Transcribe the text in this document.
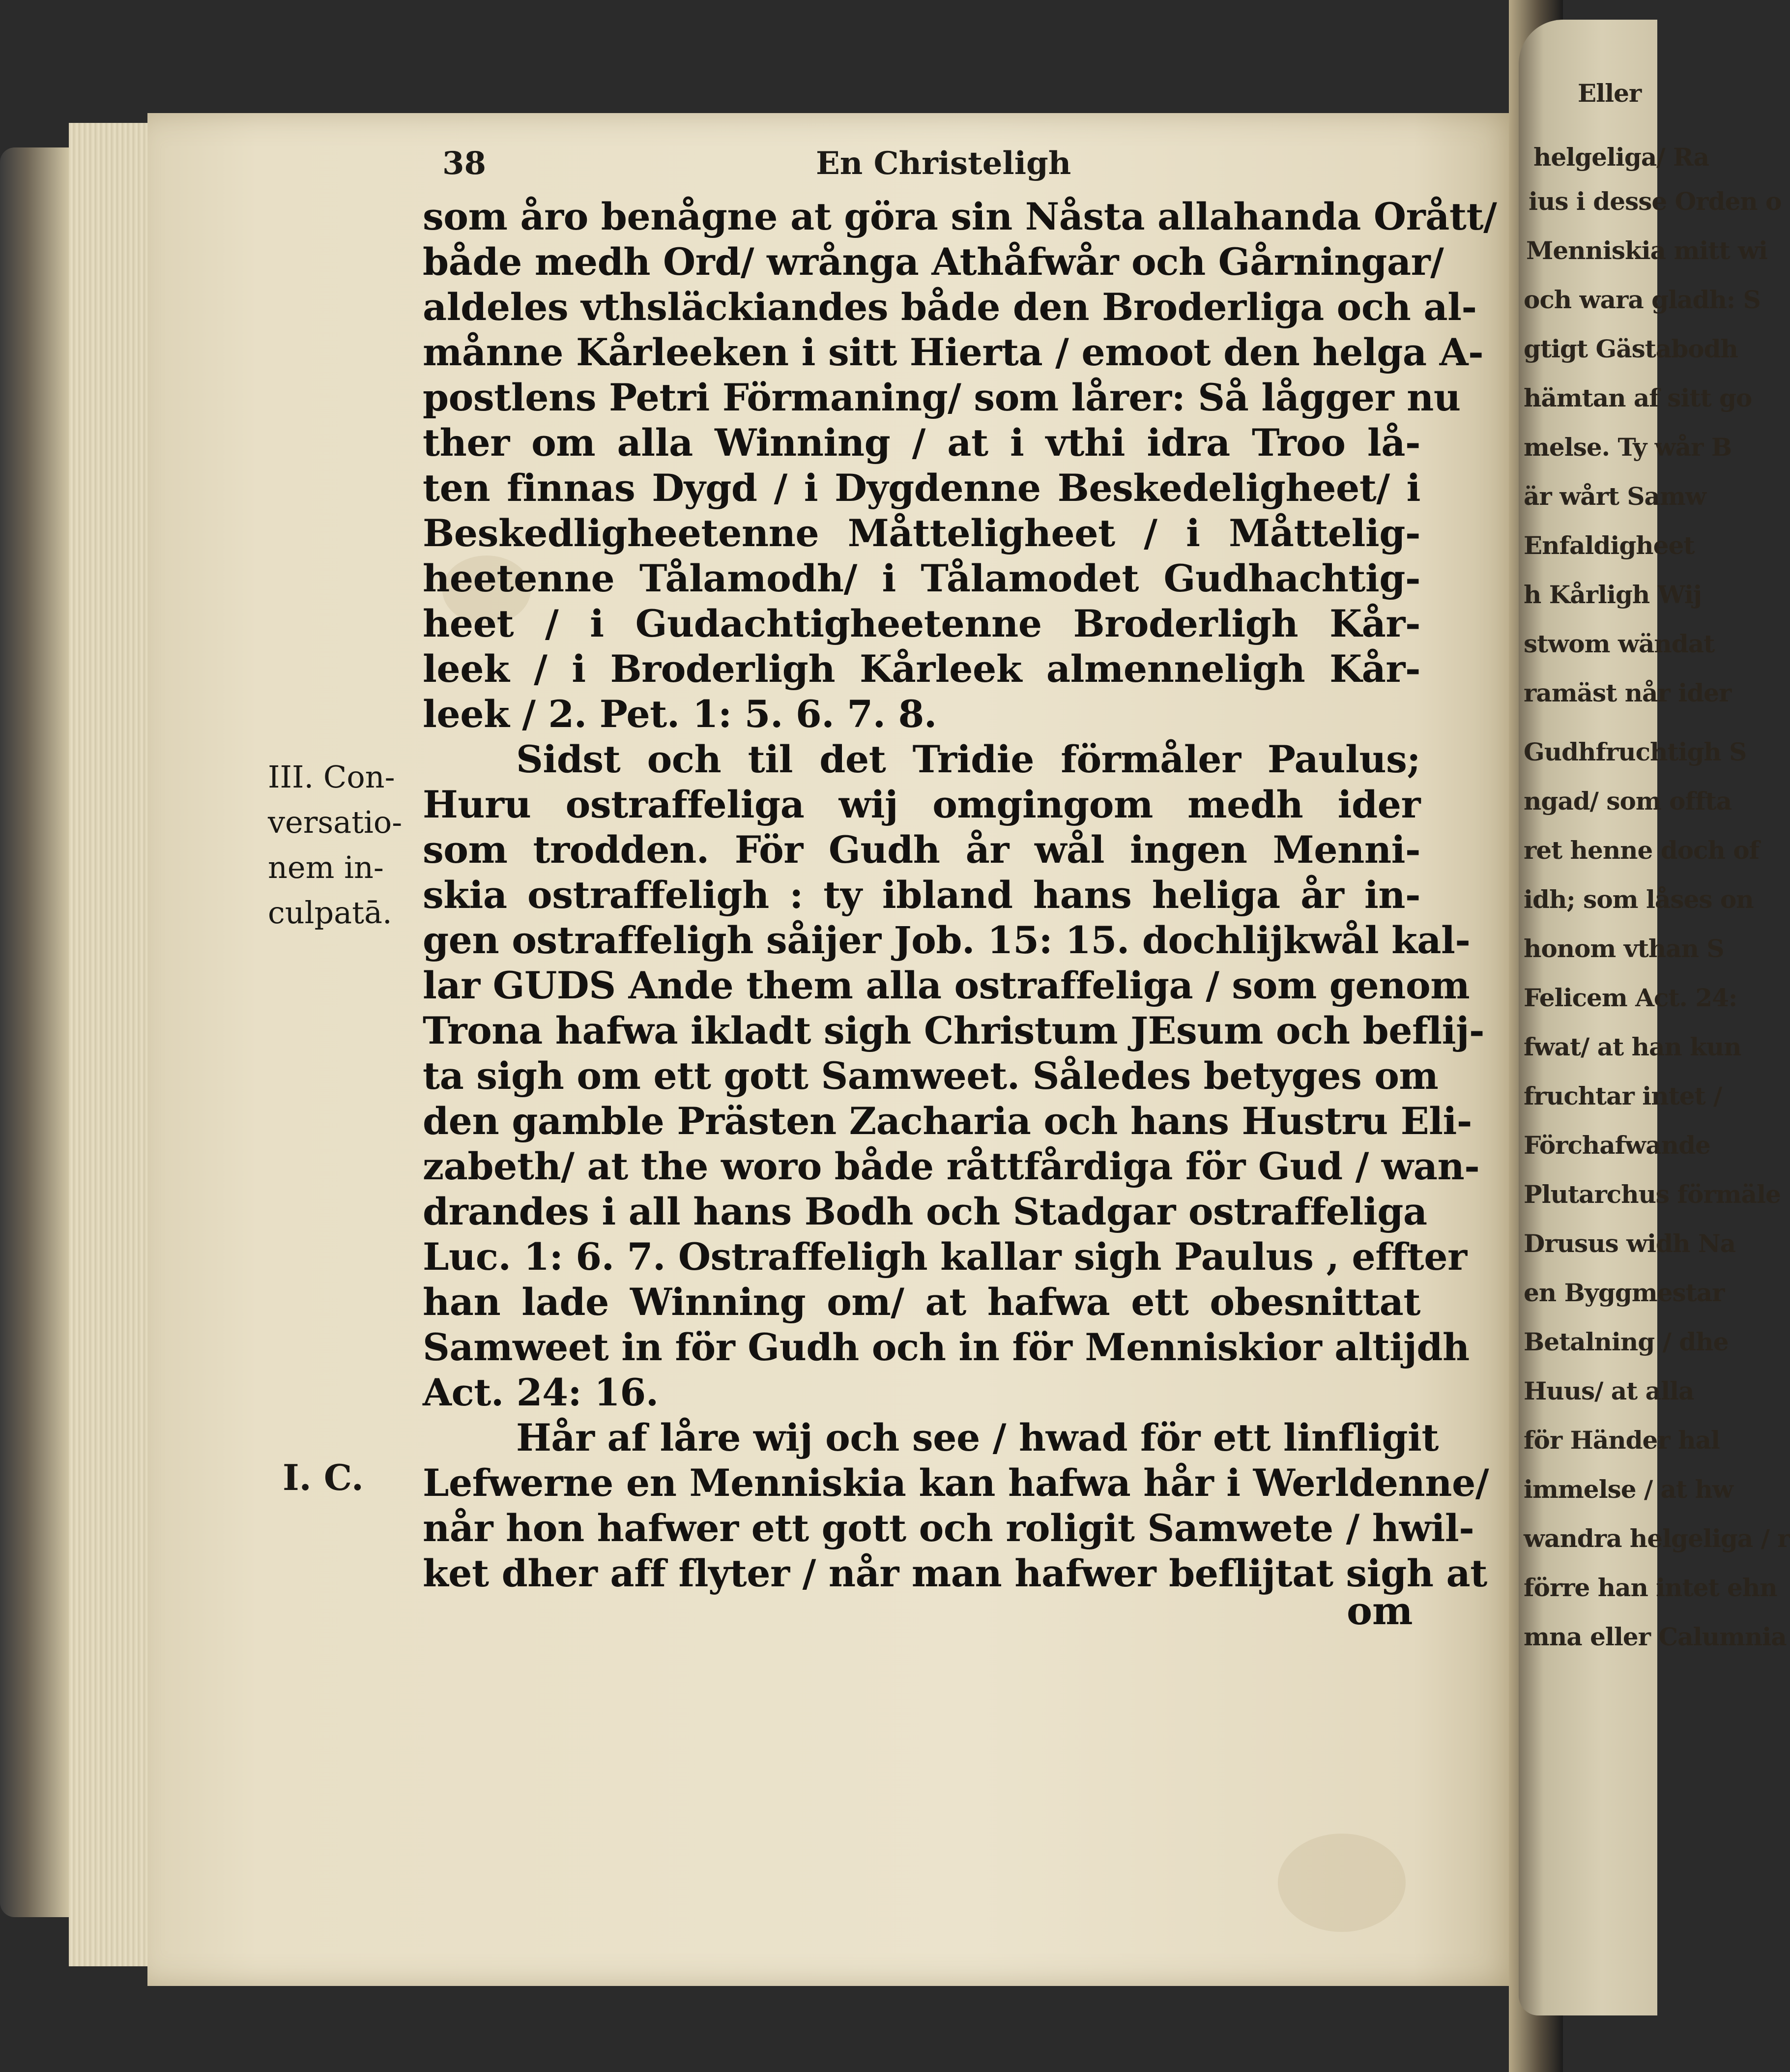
38	En Christeligh
III. Con-
versatio-
nem in-
culpatā.
I. C.
som åro benågne at göra sin Nåsta allahanda Orått/
både medh Ord/ wrånga Athåfwår och Gårningar/
aldeles vthsläckiandes både den Broderliga och al-
månne Kårleeken i sitt Hierta / emoot den helga A-
postlens Petri Förmaning/ som lårer: Så lågger nu
ther om alla Winning / at i vthi idra Troo lå-
ten finnas Dygd / i Dygdenne Beskedeligheet/ i
Beskedligheetenne Måtteligheet / i Måttelig-
heetenne Tålamodh/ i Tålamodet Gudhachtig-
heet / i Gudachtigheetenne Broderligh Kår-
leek / i Broderligh Kårleek almenneligh Kår-
leek / 2. Pet. 1: 5. 6. 7. 8.
Sidst och til det Tridie förmåler Paulus;
Huru ostraffeliga wij omgingom medh ider
som trodden. För Gudh år wål ingen Menni-
skia ostraffeligh : ty ibland hans heliga år in-
gen ostraffeligh såijer Job. 15: 15. dochlijkwål kal-
lar GUDS Ande them alla ostraffeliga / som genom
Trona hafwa ikladt sigh Christum JEsum och beflij-
ta sigh om ett gott Samweet. Således betyges om
den gamble Prästen Zacharia och hans Hustru Eli-
zabeth/ at the woro både råttfårdiga för Gud / wan-
drandes i all hans Bodh och Stadgar ostraffeliga
Luc. 1: 6. 7. Ostraffeligh kallar sigh Paulus , effter
han lade Winning om/ at hafwa ett obesnittat
Samweet in för Gudh och in för Menniskior altijdh
Act. 24: 16.
Hår af låre wij och see / hwad för ett linfligit
Lefwerne en Menniskia kan hafwa hår i Werldenne/
når hon hafwer ett gott och roligit Samwete / hwil-
ket dher aff flyter / når man hafwer beflijtat sigh at
om
Eller
helgeliga/ Ra
ius i desse Orden o
Menniskia mitt wi
och wara gladh: S
gtigt Gästabodh
hämtan af sitt go
melse. Ty wår B
är wårt Samw
Enfaldigheet
h Kårligh Wij
stwom wändat
ramäst når ider
Gudhfruchtigh S
ngad/ som offta
ret henne doch of
idh; som låses on
honom vthan S
Felicem Act. 24:
fwat/ at han kun
fruchtar intet /
Förchafwande
Plutarchus förmäle
Drusus widh Na
en Byggmestar
Betalning / dhe
Huus/ at alla
för Händer hal
immelse / at hw
wandra helgeliga / r
förre han intet ehn
mna eller Calumnia
